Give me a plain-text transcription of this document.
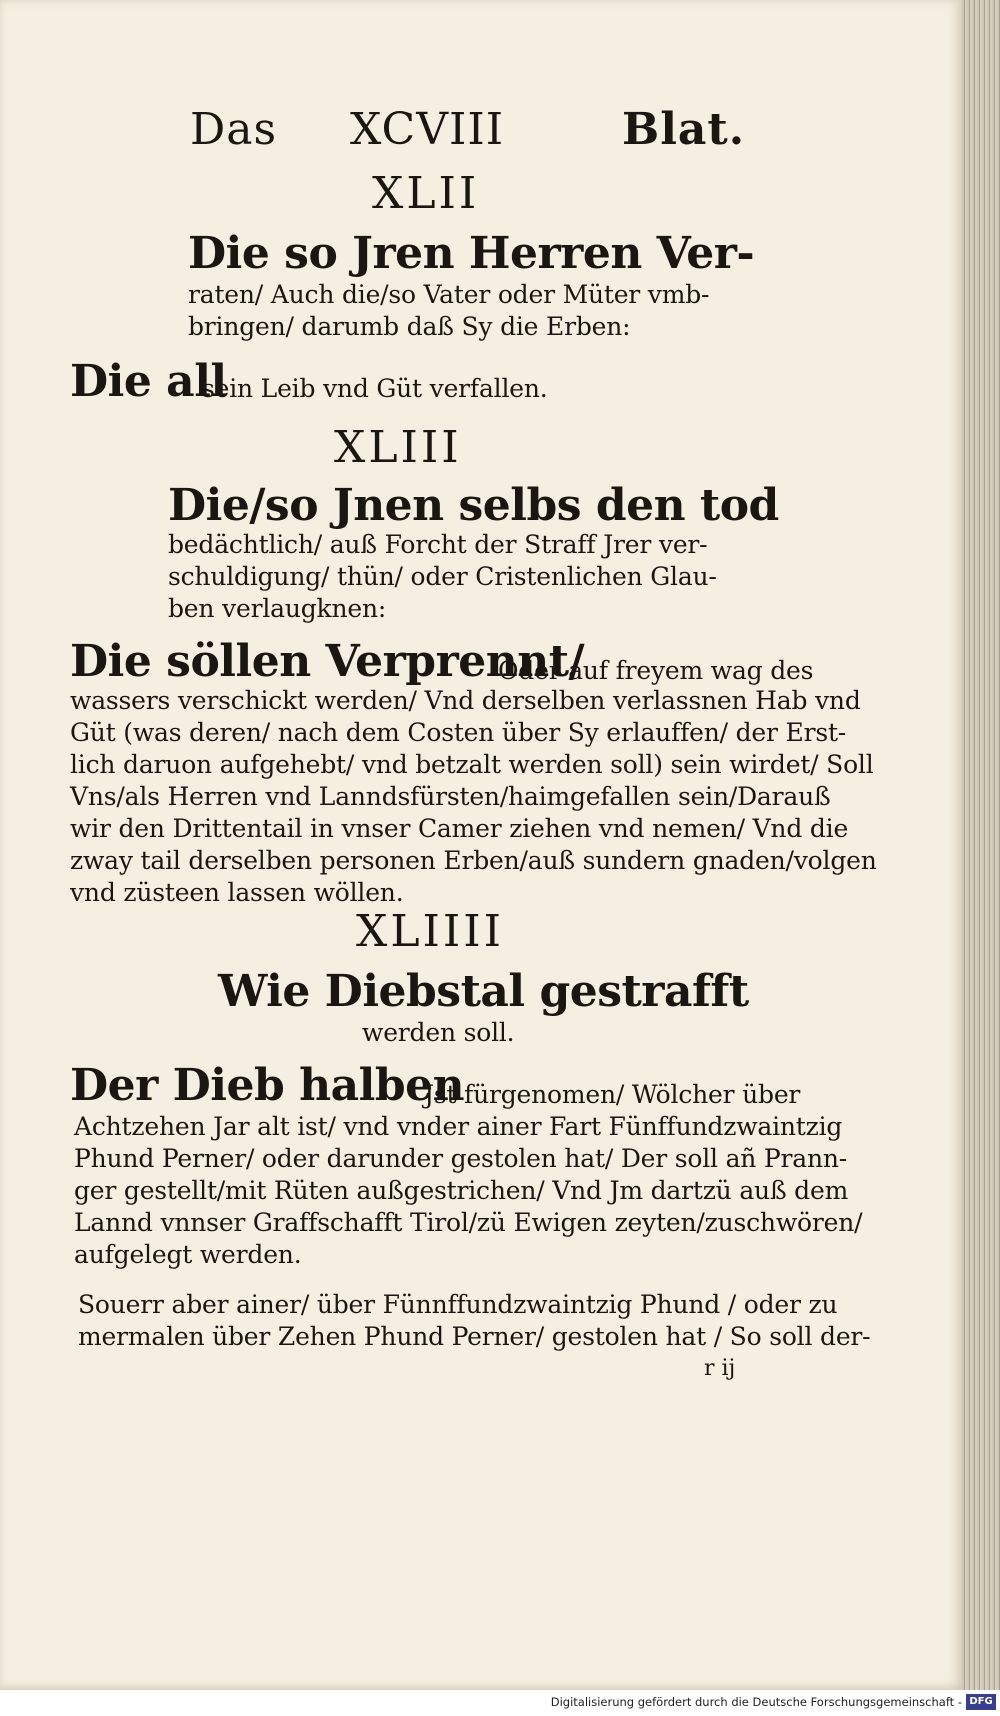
Das XCVIII	Blat.
XLII
Die so Jren Herren Ver-
raten/ Auch die/so Vater oder Müter vmb-
bringen/ darumb daß Sy die Erben:
Die all
sein Leib vnd Güt verfallen.
XLIII
Die/so Jnen selbs den tod
bedächtlich/ auß Forcht der Straff Jrer ver-
schuldigung/ thün/ oder Cristenlichen Glau-
ben verlaugknen:
Die söllen Verprennt/
Oder auf freyem wag des
wassers verschickt werden/ Vnd derselben verlassnen Hab vnd
Güt (was deren/ nach dem Costen über Sy erlauffen/ der Erst-
lich daruon aufgehebt/ vnd betzalt werden soll) sein wirdet/ Soll
Vns/als Herren vnd Lanndsfürsten/haimgefallen sein/Darauß
wir den Drittentail in vnser Camer ziehen vnd nemen/ Vnd die
zway tail derselben personen Erben/auß sundern gnaden/volgen
vnd züsteen lassen wöllen.
XLIIII
Wie Diebstal gestrafft
werden soll.
Der Dieb halben
Jst fürgenomen/ Wölcher über
Achtzehen Jar alt ist/ vnd vnder ainer Fart Fünffundzwaintzig
Phund Perner/ oder darunder gestolen hat/ Der soll añ Prann-
ger gestellt/mit Rüten außgestrichen/ Vnd Jm dartzü auß dem
Lannd vnnser Graffschafft Tirol/zü Ewigen zeyten/zuschwören/
aufgelegt werden.
Souerr aber ainer/ über Fünnffundzwaintzig Phund / oder zu
mermalen über Zehen Phund Perner/ gestolen hat / So soll der-
r ij
Digitalisierung gefördert durch die Deutsche Forschungsgemeinschaft - DFG
